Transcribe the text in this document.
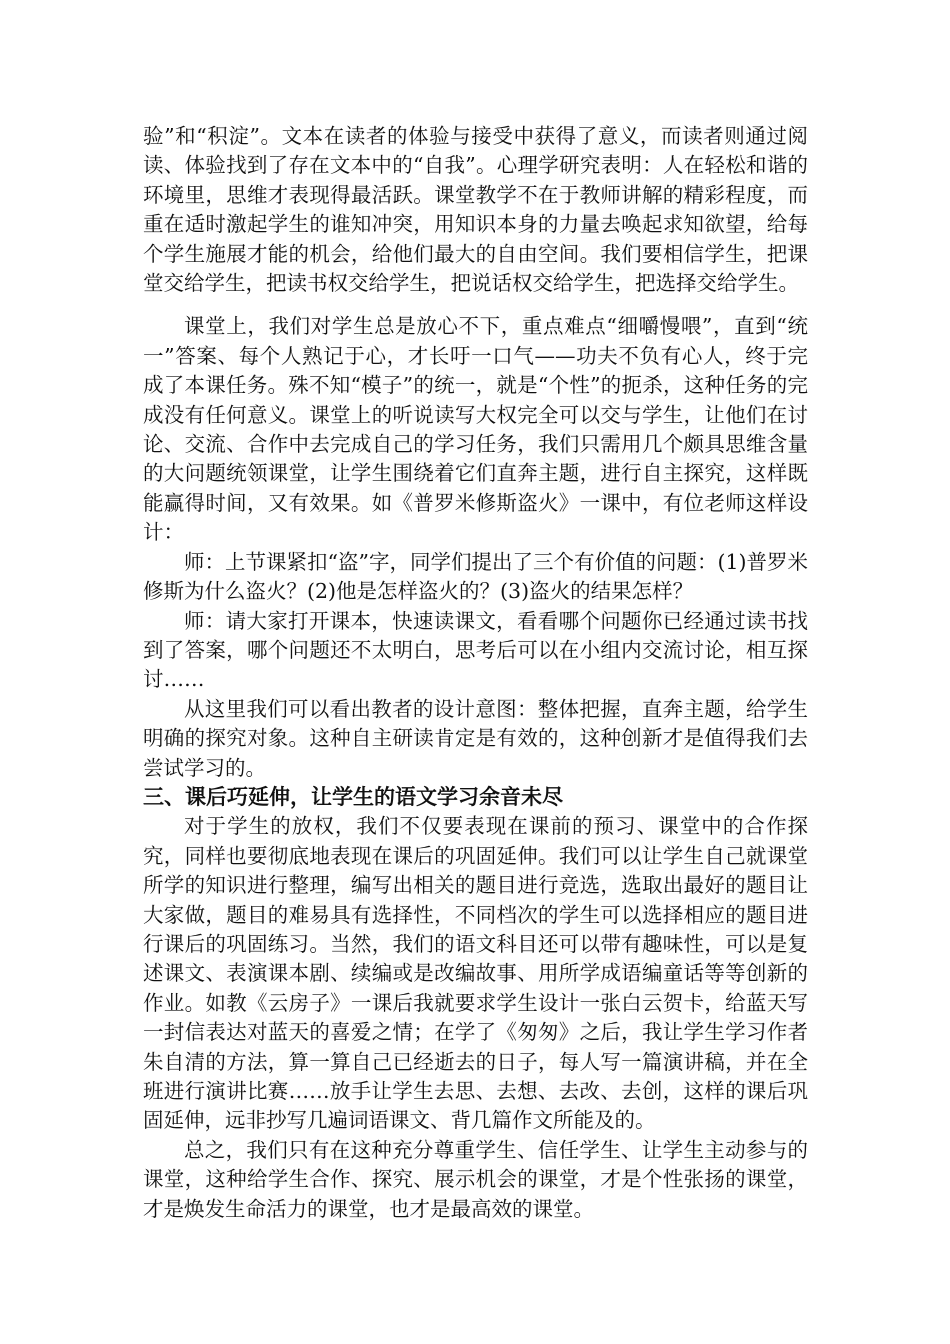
验”和“积淀”。文本在读者的体验与接受中获得了意义，而读者则通过阅读、体验找到了存在文本中的“自我”。心理学研究表明：人在轻松和谐的环境里，思维才表现得最活跃。课堂教学不在于教师讲解的精彩程度，而重在适时激起学生的谁知冲突，用知识本身的力量去唤起求知欲望，给每个学生施展才能的机会，给他们最大的自由空间。我们要相信学生，把课堂交给学生，把读书权交给学生，把说话权交给学生，把选择交给学生。

课堂上，我们对学生总是放心不下，重点难点“细嚼慢喂”，直到“统一”答案、每个人熟记于心，才长吁一口气——功夫不负有心人，终于完成了本课任务。殊不知“模子”的统一，就是“个性”的扼杀，这种任务的完成没有任何意义。课堂上的听说读写大权完全可以交与学生，让他们在讨论、交流、合作中去完成自己的学习任务，我们只需用几个颇具思维含量的大问题统领课堂，让学生围绕着它们直奔主题，进行自主探究，这样既能赢得时间，又有效果。如《普罗米修斯盗火》一课中，有位老师这样设计：

师：上节课紧扣“盗”字，同学们提出了三个有价值的问题：(1)普罗米修斯为什么盗火？(2)他是怎样盗火的？(3)盗火的结果怎样？

师：请大家打开课本，快速读课文，看看哪个问题你已经通过读书找到了答案，哪个问题还不太明白，思考后可以在小组内交流讨论，相互探讨……

从这里我们可以看出教者的设计意图：整体把握，直奔主题，给学生明确的探究对象。这种自主研读肯定是有效的，这种创新才是值得我们去尝试学习的。

三、课后巧延伸，让学生的语文学习余音未尽

对于学生的放权，我们不仅要表现在课前的预习、课堂中的合作探究，同样也要彻底地表现在课后的巩固延伸。我们可以让学生自己就课堂所学的知识进行整理，编写出相关的题目进行竞选，选取出最好的题目让大家做，题目的难易具有选择性，不同档次的学生可以选择相应的题目进行课后的巩固练习。当然，我们的语文科目还可以带有趣味性，可以是复述课文、表演课本剧、续编或是改编故事、用所学成语编童话等等创新的作业。如教《云房子》一课后我就要求学生设计一张白云贺卡，给蓝天写一封信表达对蓝天的喜爱之情；在学了《匆匆》之后，我让学生学习作者朱自清的方法，算一算自己已经逝去的日子，每人写一篇演讲稿，并在全班进行演讲比赛……放手让学生去思、去想、去改、去创，这样的课后巩固延伸，远非抄写几遍词语课文、背几篇作文所能及的。

总之，我们只有在这种充分尊重学生、信任学生、让学生主动参与的课堂，这种给学生合作、探究、展示机会的课堂，才是个性张扬的课堂，才是焕发生命活力的课堂，也才是最高效的课堂。
